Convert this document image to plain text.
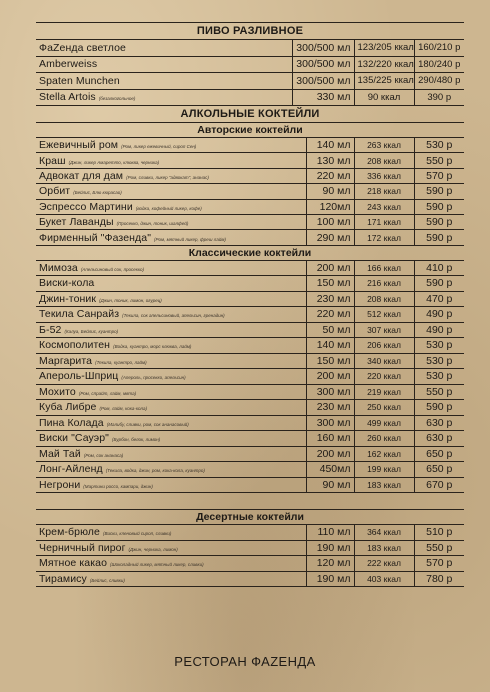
ПИВО РАЗЛИВНОЕ
ФаZенда светлое	300/500 мл	123/205 ккал	160/210 р
Amberweiss	300/500 мл	132/220 ккал	180/240 р
Spaten Munchen	300/500 мл	135/225 ккал	290/480 р
Stella Artois (безалкогольное)	330 мл	90 ккал	390 р
АЛКОЛЬНЫЕ КОКТЕЙЛИ
Авторские коктейли
Ежевичный ром (Ром, ликер ежевичный, сироп Сен)	140 мл	263 ккал	530 р
Краш (Джин, ликер Амаретто, клюква, черника)	130 мл	208 ккал	550 р
Адвокат для дам (Ром, сливки, ликер "адвокат", ананас)	220 мл	336 ккал	570 р
Орбит (Бейлис, Блю кюрасао)	90 мл	218 ккал	590 р
Эспрессо Мартини (водка, кофейный ликер, кофе)	120мл	243 ккал	590 р
Букет Лаванды (Просекко, джин, тоник, шалфей)	100 мл	171 ккал	590 р
Фирменный "Фазенда" (Ром, мятный ликер, фреш лайм)	290 мл	172 ккал	590 р
Классические коктейли
Мимоза (Апельсиновый сок, просекко)	200 мл	166 ккал	410 р
Виски-кола	150 мл	216 ккал	590 р
Джин-тоник (Джин, тоник, лимон, огурец)	230 мл	208 ккал	470 р
Текила Санрайз (Текила, сок апельсиновый, апельсин, гренадин)	220 мл	512 ккал	490 р
Б-52 (Калуа, Бейлис, куантро)	50 мл	307 ккал	490 р
Космополитен (Водка, куантро, морс клюква, лайм)	140 мл	206 ккал	530 р
Маргарита (Текила, куантро, лайм)	150 мл	340 ккал	530 р
Апероль-Шприц (Апероль, просекко, апельсин)	200 мл	220 ккал	530 р
Мохито (Ром, спрайт, лайм, мята)	300 мл	219 ккал	550 р
Куба Либре (Ром, лайм, кока-кола)	230 мл	250 ккал	590 р
Пина Колада (Малибу, сливки, ром, сок ананасовый)	300 мл	499 ккал	630 р
Виски "Сауэр" (Бурбон, белок, лимон)	160 мл	260 ккал	630 р
Май Тай (Ром, сок ананаса)	200 мл	162 ккал	650 р
Лонг-Айленд (Текила, водка, джин, ром, кока-кола, куантро)	450мл	199 ккал	650 р
Негрони (Мартини россо, кампари, джин)	90 мл	183 ккал	670 р
Десертные коктейли
Крем-брюле (Виски, кленовый сироп, сливки)	110 мл	364 ккал	510 р
Черничный пирог (Джин, черника, лимон)	190 мл	183 ккал	550 р
Мятное какао (Шоколадный ликер, мятный ликер, сливки)	120 мл	222 ккал	570 р
Тирамису (Бейлис, сливки)	190 мл	403 ккал	780 р
РЕСТОРАН ФАZЕНДА
